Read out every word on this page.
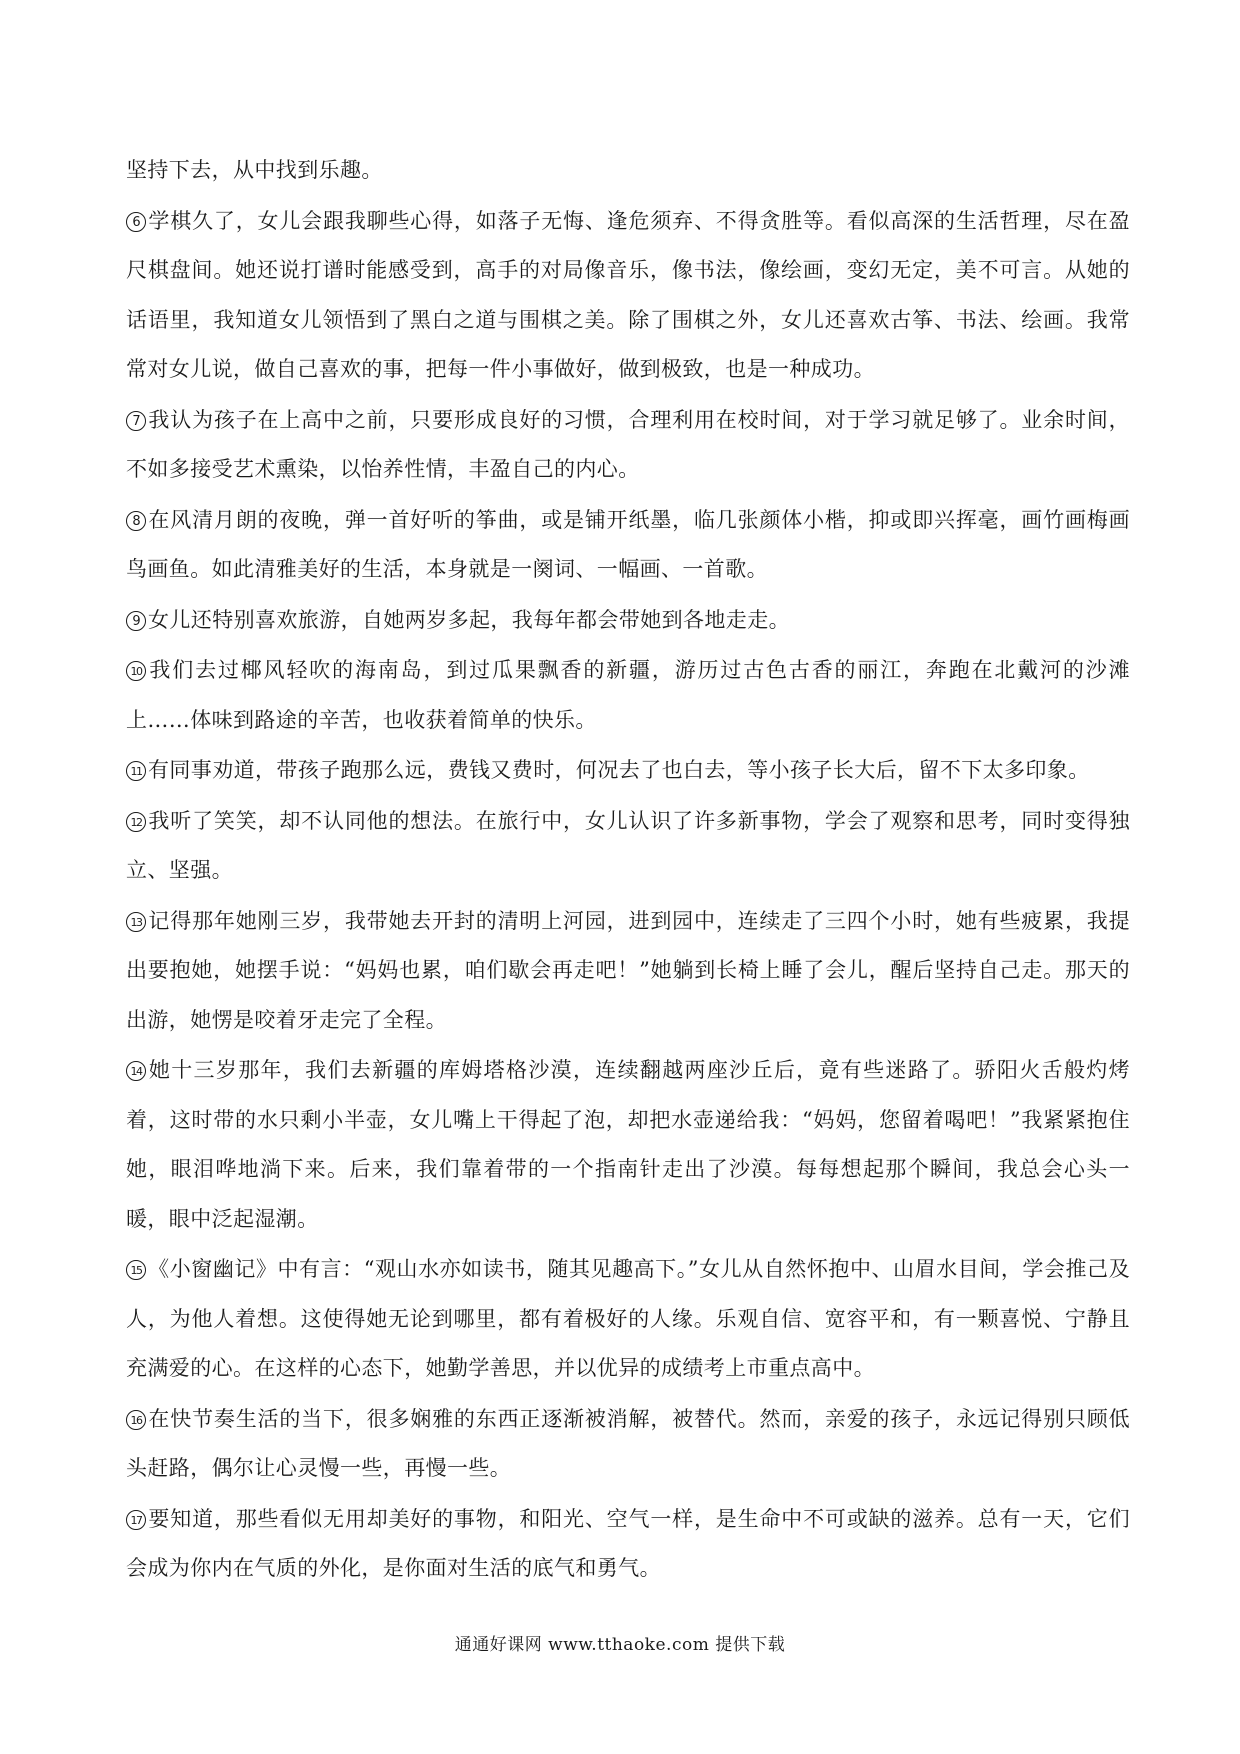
坚持下去，从中找到乐趣。

6 学棋久了，女儿会跟我聊些心得，如落子无悔、逢危须弃、不得贪胜等。看似高深的生活哲理，尽在盈尺棋盘间。她还说打谱时能感受到，高手的对局像音乐，像书法，像绘画，变幻无定，美不可言。从她的话语里，我知道女儿领悟到了黑白之道与围棋之美。除了围棋之外，女儿还喜欢古筝、书法、绘画。我常常对女儿说，做自己喜欢的事，把每一件小事做好，做到极致，也是一种成功。

7 我认为孩子在上高中之前，只要形成良好的习惯，合理利用在校时间，对于学习就足够了。业余时间，不如多接受艺术熏染，以怡养性情，丰盈自己的内心。

8 在风清月朗的夜晚，弹一首好听的筝曲，或是铺开纸墨，临几张颜体小楷，抑或即兴挥毫，画竹画梅画鸟画鱼。如此清雅美好的生活，本身就是一阕词、一幅画、一首歌。

9 女儿还特别喜欢旅游，自她两岁多起，我每年都会带她到各地走走。

10 我们去过椰风轻吹的海南岛，到过瓜果飘香的新疆，游历过古色古香的丽江，奔跑在北戴河的沙滩上……体味到路途的辛苦，也收获着简单的快乐。

11 有同事劝道，带孩子跑那么远，费钱又费时，何况去了也白去，等小孩子长大后，留不下太多印象。

12 我听了笑笑，却不认同他的想法。在旅行中，女儿认识了许多新事物，学会了观察和思考，同时变得独立、坚强。

13 记得那年她刚三岁，我带她去开封的清明上河园，进到园中，连续走了三四个小时，她有些疲累，我提出要抱她，她摆手说：“妈妈也累，咱们歇会再走吧！”她躺到长椅上睡了会儿，醒后坚持自己走。那天的出游，她愣是咬着牙走完了全程。

14 她十三岁那年，我们去新疆的库姆塔格沙漠，连续翻越两座沙丘后，竟有些迷路了。骄阳火舌般灼烤着，这时带的水只剩小半壶，女儿嘴上干得起了泡，却把水壶递给我：“妈妈，您留着喝吧！”我紧紧抱住她，眼泪哗地淌下来。后来，我们靠着带的一个指南针走出了沙漠。每每想起那个瞬间，我总会心头一暖，眼中泛起湿潮。

15 《小窗幽记》中有言：“观山水亦如读书，随其见趣高下。”女儿从自然怀抱中、山眉水目间，学会推己及人，为他人着想。这使得她无论到哪里，都有着极好的人缘。乐观自信、宽容平和，有一颗喜悦、宁静且充满爱的心。在这样的心态下，她勤学善思，并以优异的成绩考上市重点高中。

16 在快节奏生活的当下，很多娴雅的东西正逐渐被消解，被替代。然而，亲爱的孩子，永远记得别只顾低头赶路，偶尔让心灵慢一些，再慢一些。

17 要知道，那些看似无用却美好的事物，和阳光、空气一样，是生命中不可或缺的滋养。总有一天，它们会成为你内在气质的外化，是你面对生活的底气和勇气。

通通好课网 www.tthaoke.com 提供下载
